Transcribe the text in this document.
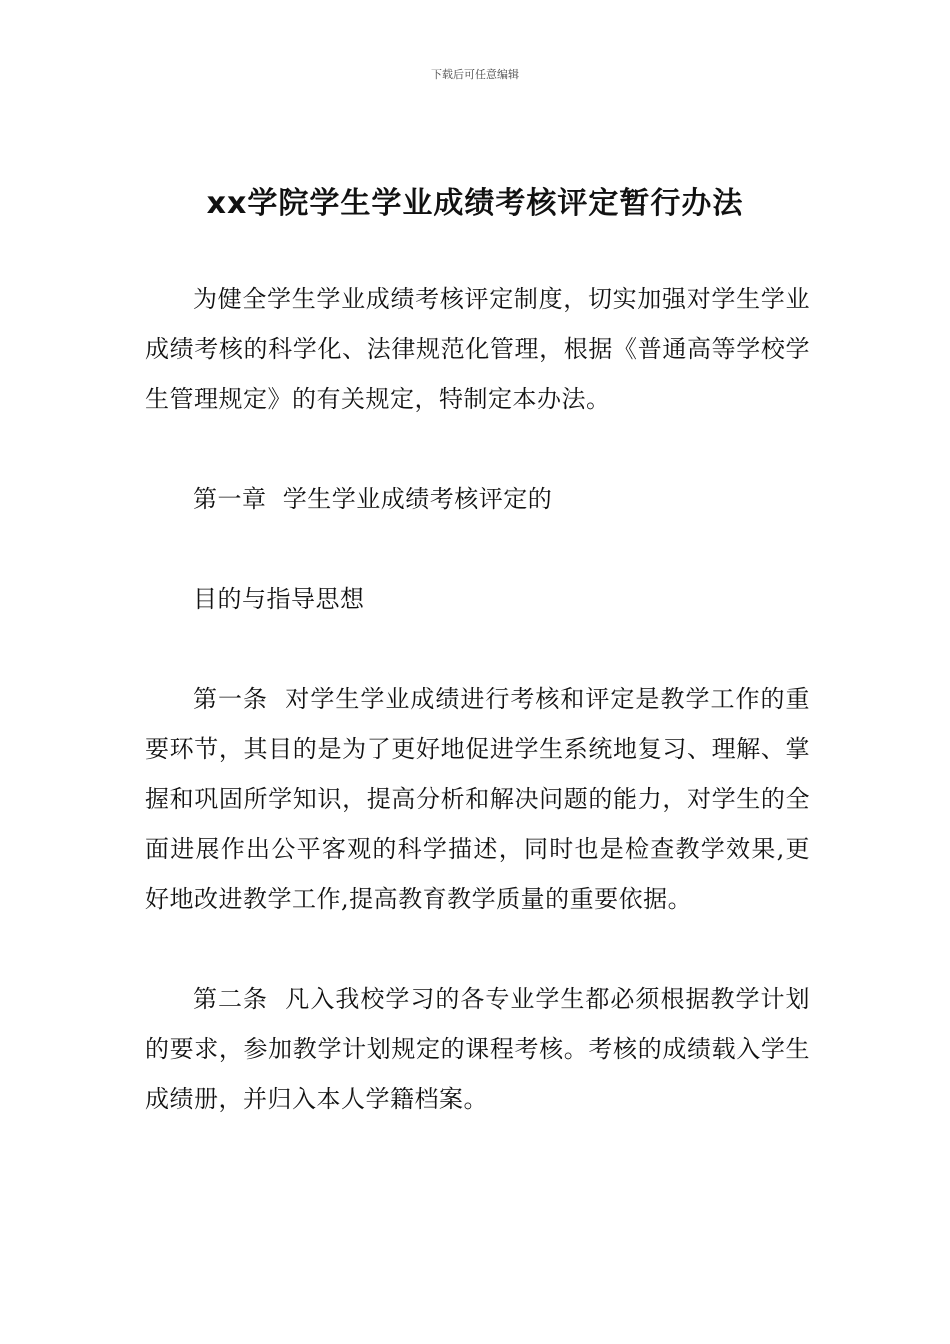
下载后可任意编辑
xx学院学生学业成绩考核评定暂行办法

为健全学生学业成绩考核评定制度，切实加强对学生学业成绩考核的科学化、法律规范化管理，根据《普通高等学校学生管理规定》的有关规定，特制定本办法。

第一章  学生学业成绩考核评定的

目的与指导思想

第一条  对学生学业成绩进行考核和评定是教学工作的重要环节，其目的是为了更好地促进学生系统地复习、理解、掌握和巩固所学知识，提高分析和解决问题的能力，对学生的全面进展作出公平客观的科学描述，同时也是检查教学效果,更好地改进教学工作,提高教育教学质量的重要依据。

第二条  凡入我校学习的各专业学生都必须根据教学计划的要求，参加教学计划规定的课程考核。考核的成绩载入学生成绩册，并归入本人学籍档案。
